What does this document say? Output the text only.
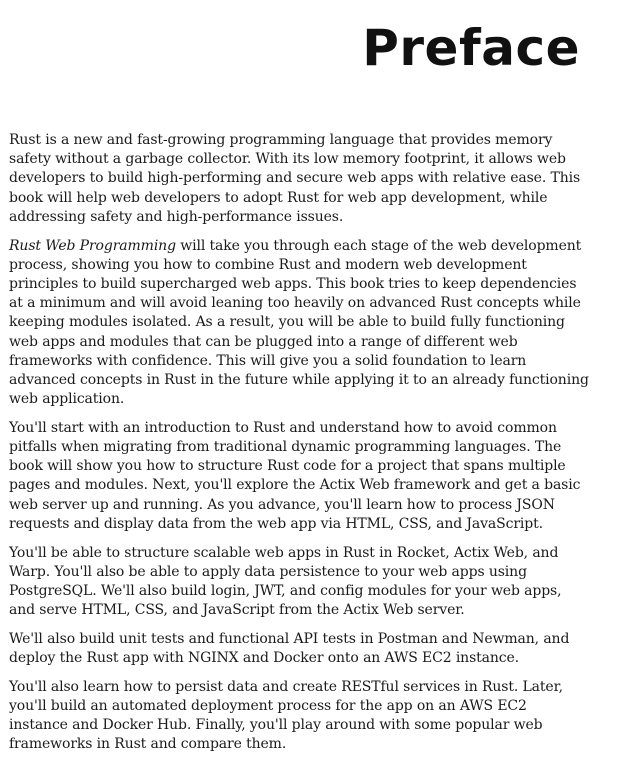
Preface

Rust is a new and fast-growing programming language that provides memory safety without a garbage collector. With its low memory footprint, it allows web developers to build high-performing and secure web apps with relative ease. This book will help web developers to adopt Rust for web app development, while addressing safety and high-performance issues.

Rust Web Programming will take you through each stage of the web development process, showing you how to combine Rust and modern web development principles to build supercharged web apps. This book tries to keep dependencies at a minimum and will avoid leaning too heavily on advanced Rust concepts while keeping modules isolated. As a result, you will be able to build fully functioning web apps and modules that can be plugged into a range of different web frameworks with confidence. This will give you a solid foundation to learn advanced concepts in Rust in the future while applying it to an already functioning web application.

You'll start with an introduction to Rust and understand how to avoid common pitfalls when migrating from traditional dynamic programming languages. The book will show you how to structure Rust code for a project that spans multiple pages and modules. Next, you'll explore the Actix Web framework and get a basic web server up and running. As you advance, you'll learn how to process JSON requests and display data from the web app via HTML, CSS, and JavaScript.

You'll be able to structure scalable web apps in Rust in Rocket, Actix Web, and Warp. You'll also be able to apply data persistence to your web apps using PostgreSQL. We'll also build login, JWT, and config modules for your web apps, and serve HTML, CSS, and JavaScript from the Actix Web server.

We'll also build unit tests and functional API tests in Postman and Newman, and deploy the Rust app with NGINX and Docker onto an AWS EC2 instance.

You'll also learn how to persist data and create RESTful services in Rust. Later, you'll build an automated deployment process for the app on an AWS EC2 instance and Docker Hub. Finally, you'll play around with some popular web frameworks in Rust and compare them.
